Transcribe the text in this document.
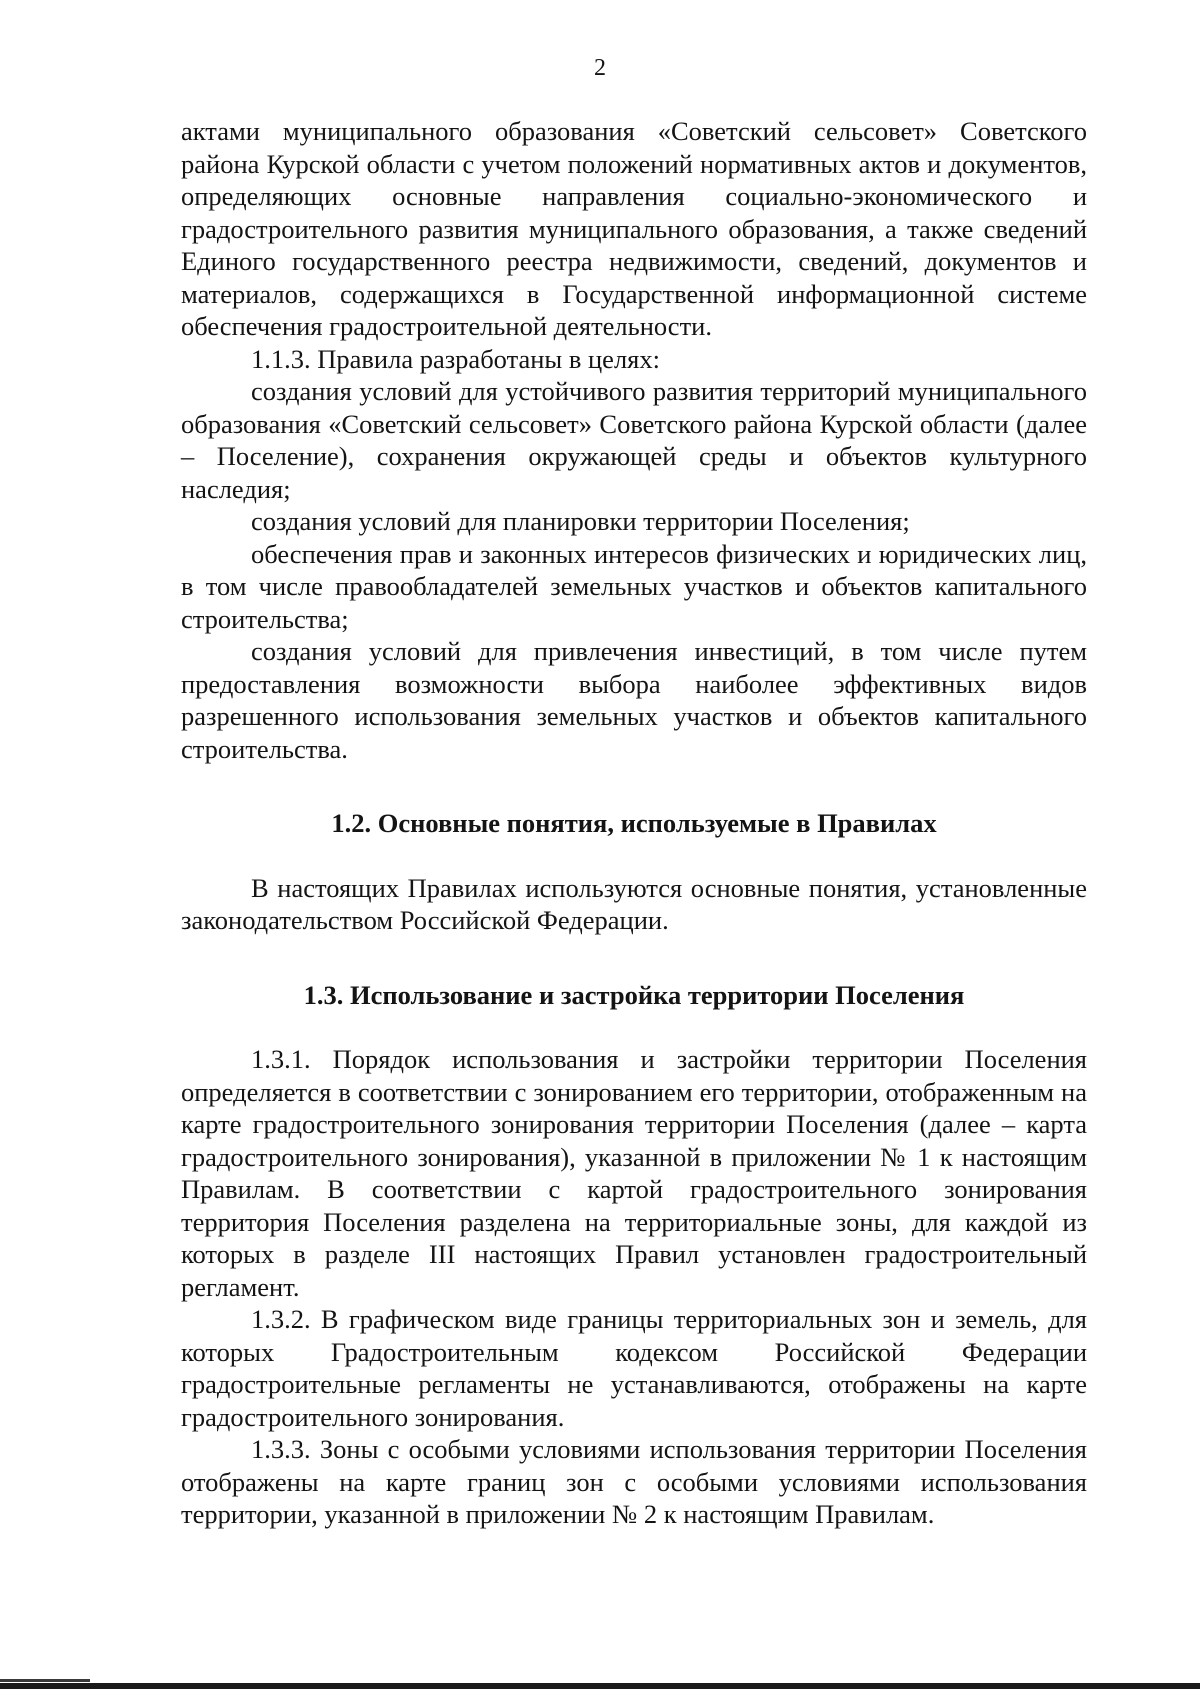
2

актами муниципального образования «Советский сельсовет» Советского района Курской области с учетом положений нормативных актов и документов, определяющих основные направления социально-экономического и градостроительного развития муниципального образования, а также сведений Единого государственного реестра недвижимости, сведений, документов и материалов, содержащихся в Государственной информационной системе обеспечения градостроительной деятельности.

1.1.3. Правила разработаны в целях:

создания условий для устойчивого развития территорий муниципального образования «Советский сельсовет» Советского района Курской области (далее – Поселение), сохранения окружающей среды и объектов культурного наследия;

создания условий для планировки территории Поселения;

обеспечения прав и законных интересов физических и юридических лиц, в том числе правообладателей земельных участков и объектов капитального строительства;

создания условий для привлечения инвестиций, в том числе путем предоставления возможности выбора наиболее эффективных видов разрешенного использования земельных участков и объектов капитального строительства.

1.2. Основные понятия, используемые в Правилах

В настоящих Правилах используются основные понятия, установленные законодательством Российской Федерации.

1.3. Использование и застройка территории Поселения

1.3.1. Порядок использования и застройки территории Поселения определяется в соответствии с зонированием его территории, отображенным на карте градостроительного зонирования территории Поселения (далее – карта градостроительного зонирования), указанной в приложении № 1 к настоящим Правилам. В соответствии с картой градостроительного зонирования территория Поселения разделена на территориальные зоны, для каждой из которых в разделе III настоящих Правил установлен градостроительный регламент.

1.3.2. В графическом виде границы территориальных зон и земель, для которых Градостроительным кодексом Российской Федерации градостроительные регламенты не устанавливаются, отображены на карте градостроительного зонирования.

1.3.3. Зоны с особыми условиями использования территории Поселения отображены на карте границ зон с особыми условиями использования территории, указанной в приложении № 2 к настоящим Правилам.
